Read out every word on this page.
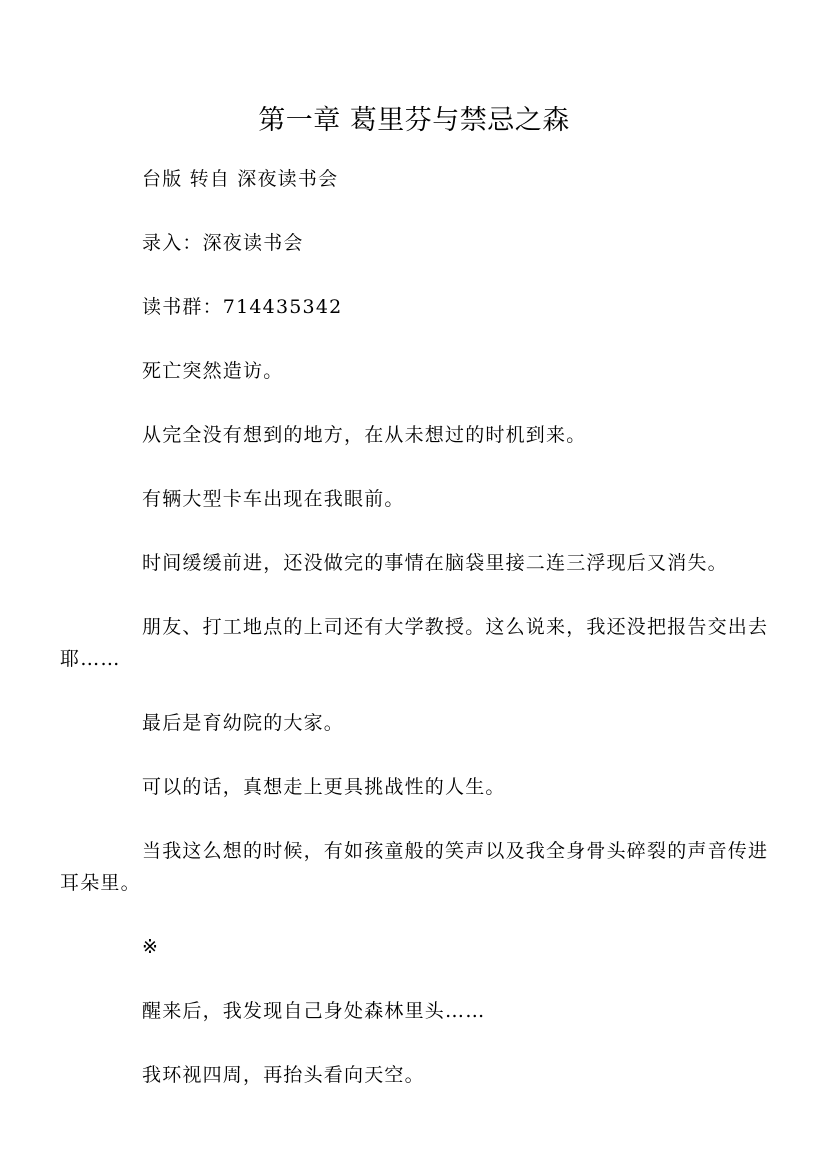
第一章 葛里芬与禁忌之森

台版 转自 深夜读书会

录入：深夜读书会

读书群：714435342

死亡突然造访。

从完全没有想到的地方，在从未想过的时机到来。

有辆大型卡车出现在我眼前。

时间缓缓前进，还没做完的事情在脑袋里接二连三浮现后又消失。

朋友、打工地点的上司还有大学教授。这么说来，我还没把报告交出去耶……

最后是育幼院的大家。

可以的话，真想走上更具挑战性的人生。

当我这么想的时候，有如孩童般的笑声以及我全身骨头碎裂的声音传进耳朵里。

※

醒来后，我发现自己身处森林里头……

我环视四周，再抬头看向天空。
